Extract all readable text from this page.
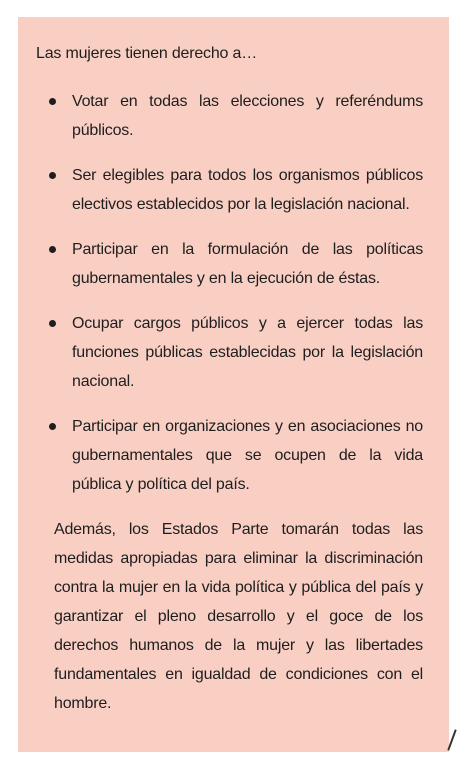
Las mujeres tienen derecho a…

Votar en todas las elecciones y referéndums públicos.
Ser elegibles para todos los organismos públicos electivos establecidos por la legislación nacional.
Participar en la formulación de las políticas gubernamentales y en la ejecución de éstas.
Ocupar cargos públicos y a ejercer todas las funciones públicas establecidas por la legislación nacional.
Participar en organizaciones y en asociaciones no gubernamentales que se ocupen de la vida pública y política del país.

Además, los Estados Parte tomarán todas las medidas apropiadas para eliminar la discriminación contra la mujer en la vida política y pública del país y garantizar el pleno desarrollo y el goce de los derechos humanos de la mujer y las libertades fundamentales en igualdad de condiciones con el hombre.
